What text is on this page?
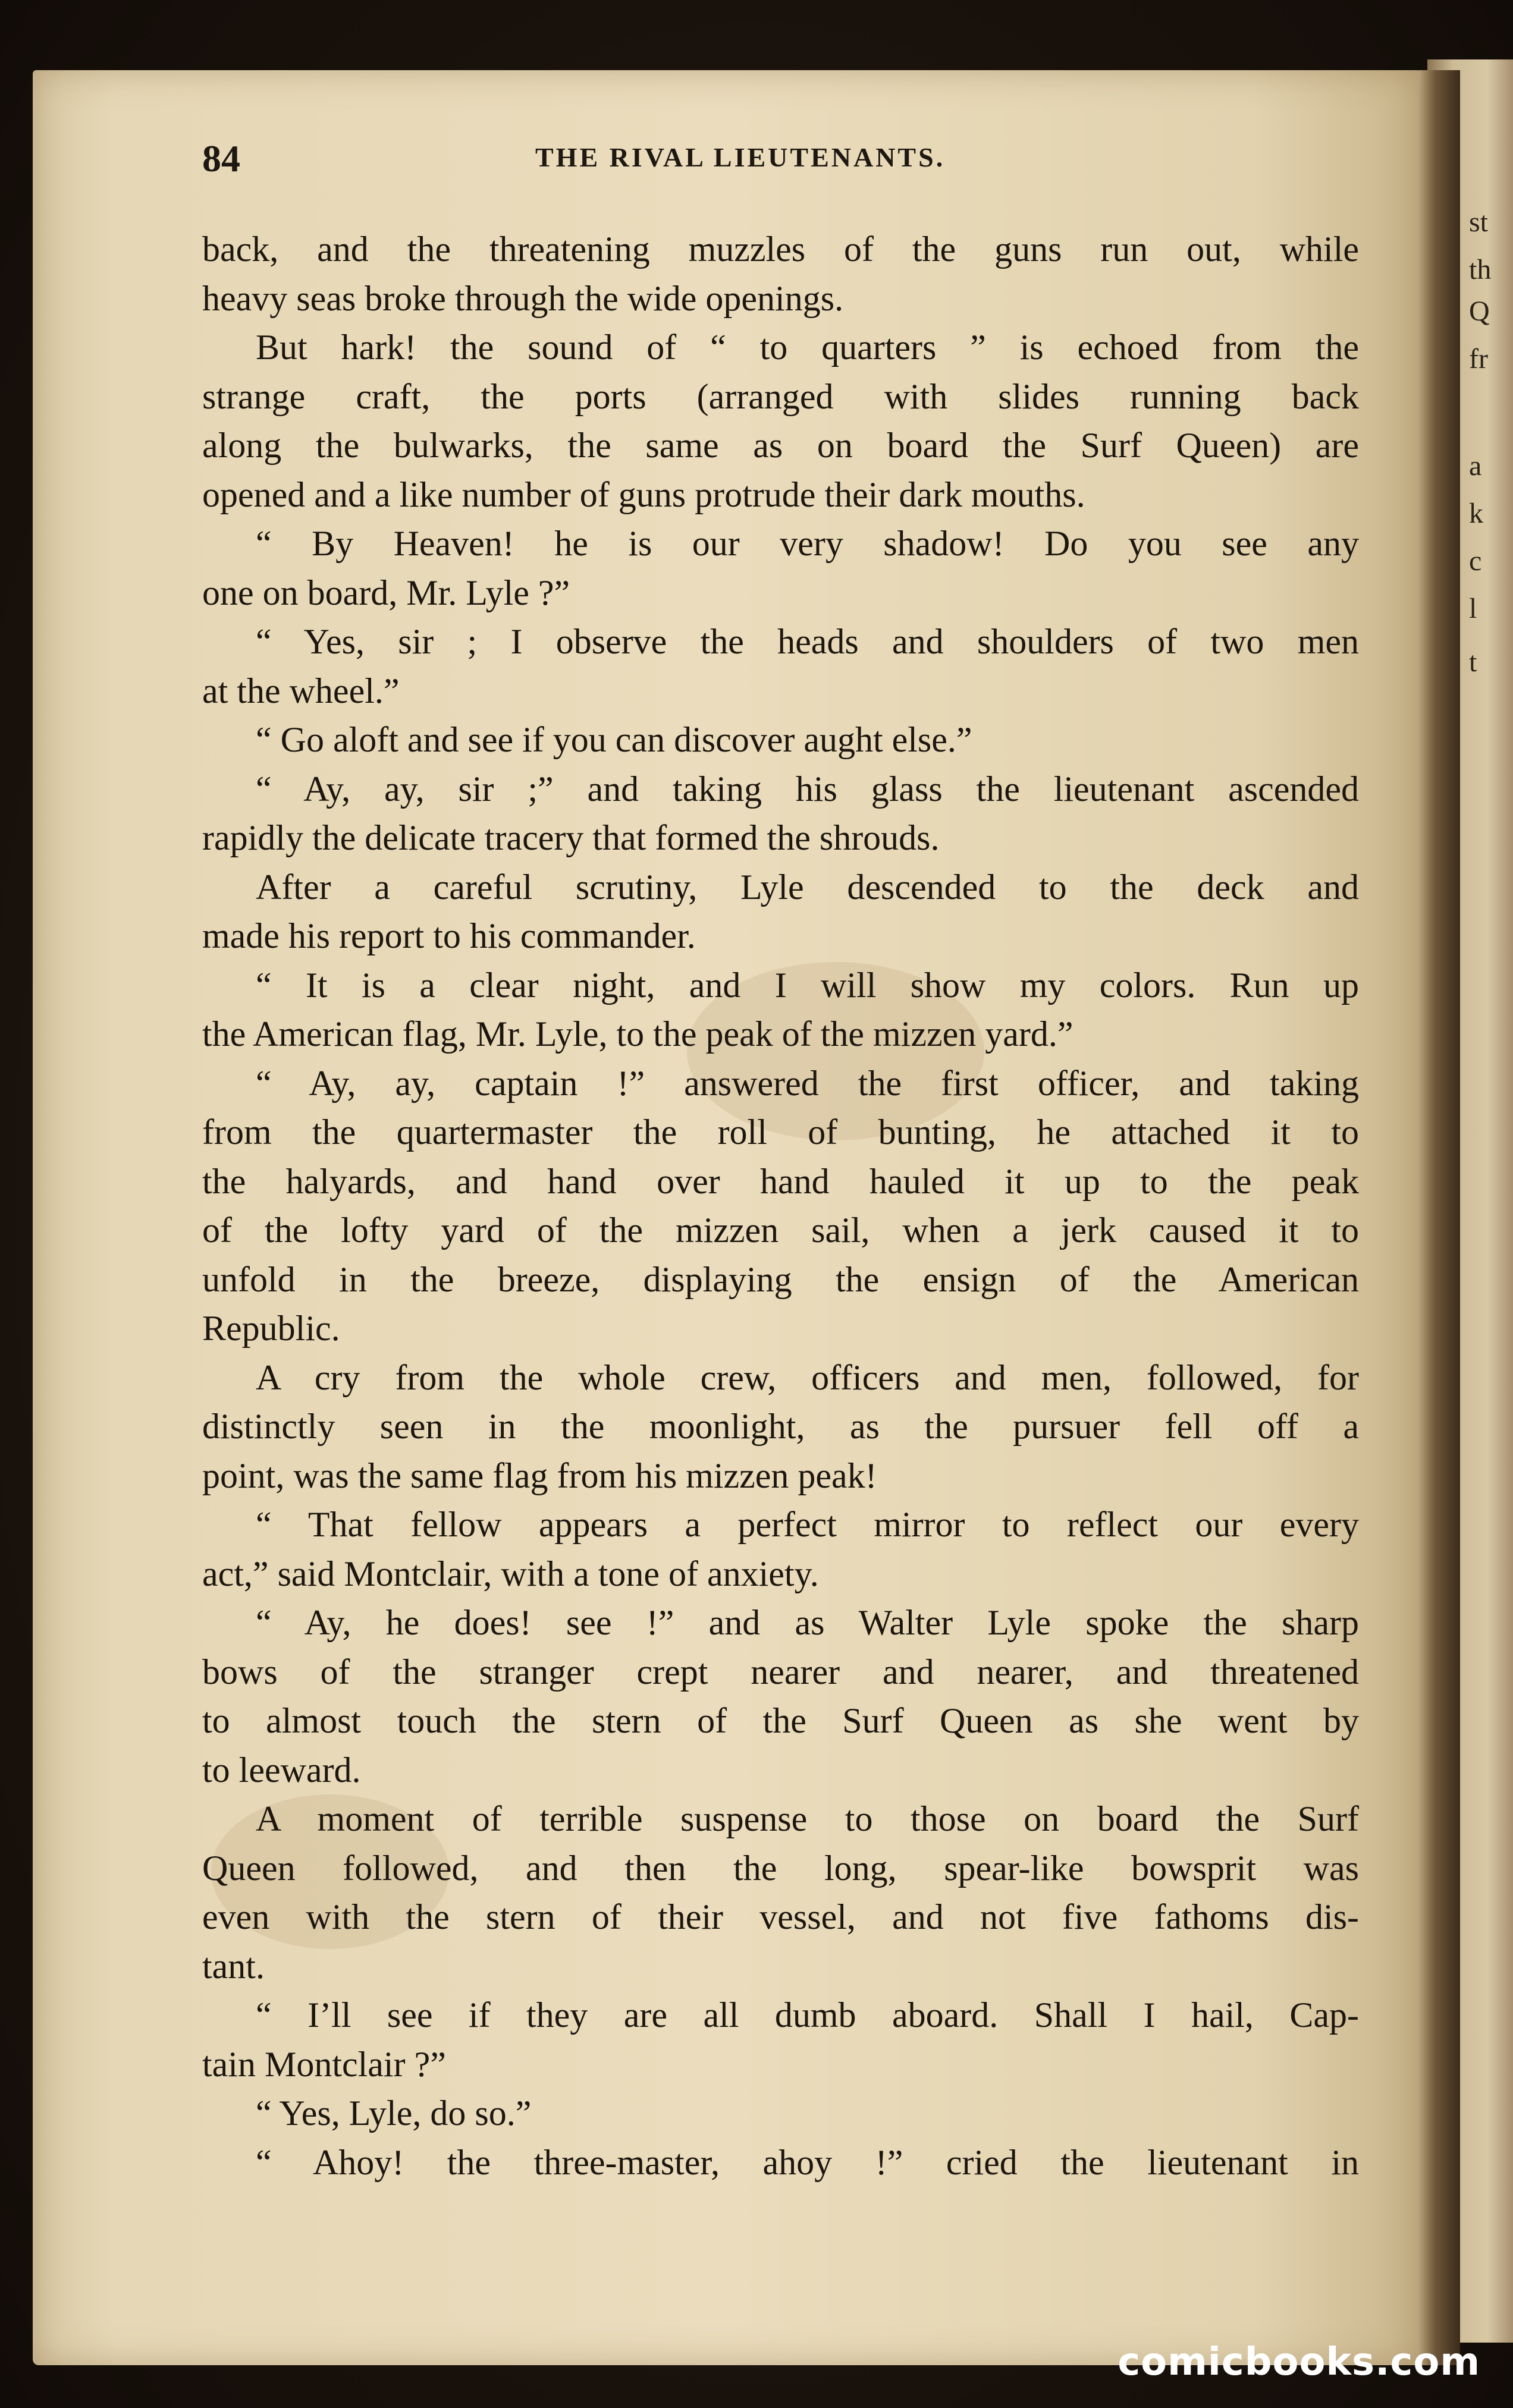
st
th
Q
fr
a
k
c
l
t
84	THE RIVAL LIEUTENANTS.
back, and the threatening muzzles of the guns run out, while
heavy seas broke through the wide openings.
But hark! the sound of “ to quarters ” is echoed from the
strange craft, the ports (arranged with slides running back
along the bulwarks, the same as on board the Surf Queen) are
opened and a like number of guns protrude their dark mouths.
“ By Heaven! he is our very shadow! Do you see any
one on board, Mr. Lyle ?”
“ Yes, sir ; I observe the heads and shoulders of two men
at the wheel.”
“ Go aloft and see if you can discover aught else.”
“ Ay, ay, sir ;” and taking his glass the lieutenant ascended
rapidly the delicate tracery that formed the shrouds.
After a careful scrutiny, Lyle descended to the deck and
made his report to his commander.
“ It is a clear night, and I will show my colors. Run up
the American flag, Mr. Lyle, to the peak of the mizzen yard.”
“ Ay, ay, captain !” answered the first officer, and taking
from the quartermaster the roll of bunting, he attached it to
the halyards, and hand over hand hauled it up to the peak
of the lofty yard of the mizzen sail, when a jerk caused it to
unfold in the breeze, displaying the ensign of the American
Republic.
A cry from the whole crew, officers and men, followed, for
distinctly seen in the moonlight, as the pursuer fell off a
point, was the same flag from his mizzen peak!
“ That fellow appears a perfect mirror to reflect our every
act,” said Montclair, with a tone of anxiety.
“ Ay, he does! see !” and as Walter Lyle spoke the sharp
bows of the stranger crept nearer and nearer, and threatened
to almost touch the stern of the Surf Queen as she went by
to leeward.
A moment of terrible suspense to those on board the Surf
Queen followed, and then the long, spear-like bowsprit was
even with the stern of their vessel, and not five fathoms dis-
tant.
“ I’ll see if they are all dumb aboard. Shall I hail, Cap-
tain Montclair ?”
“ Yes, Lyle, do so.”
“ Ahoy! the three-master, ahoy !” cried the lieutenant in
comicbooks.com
